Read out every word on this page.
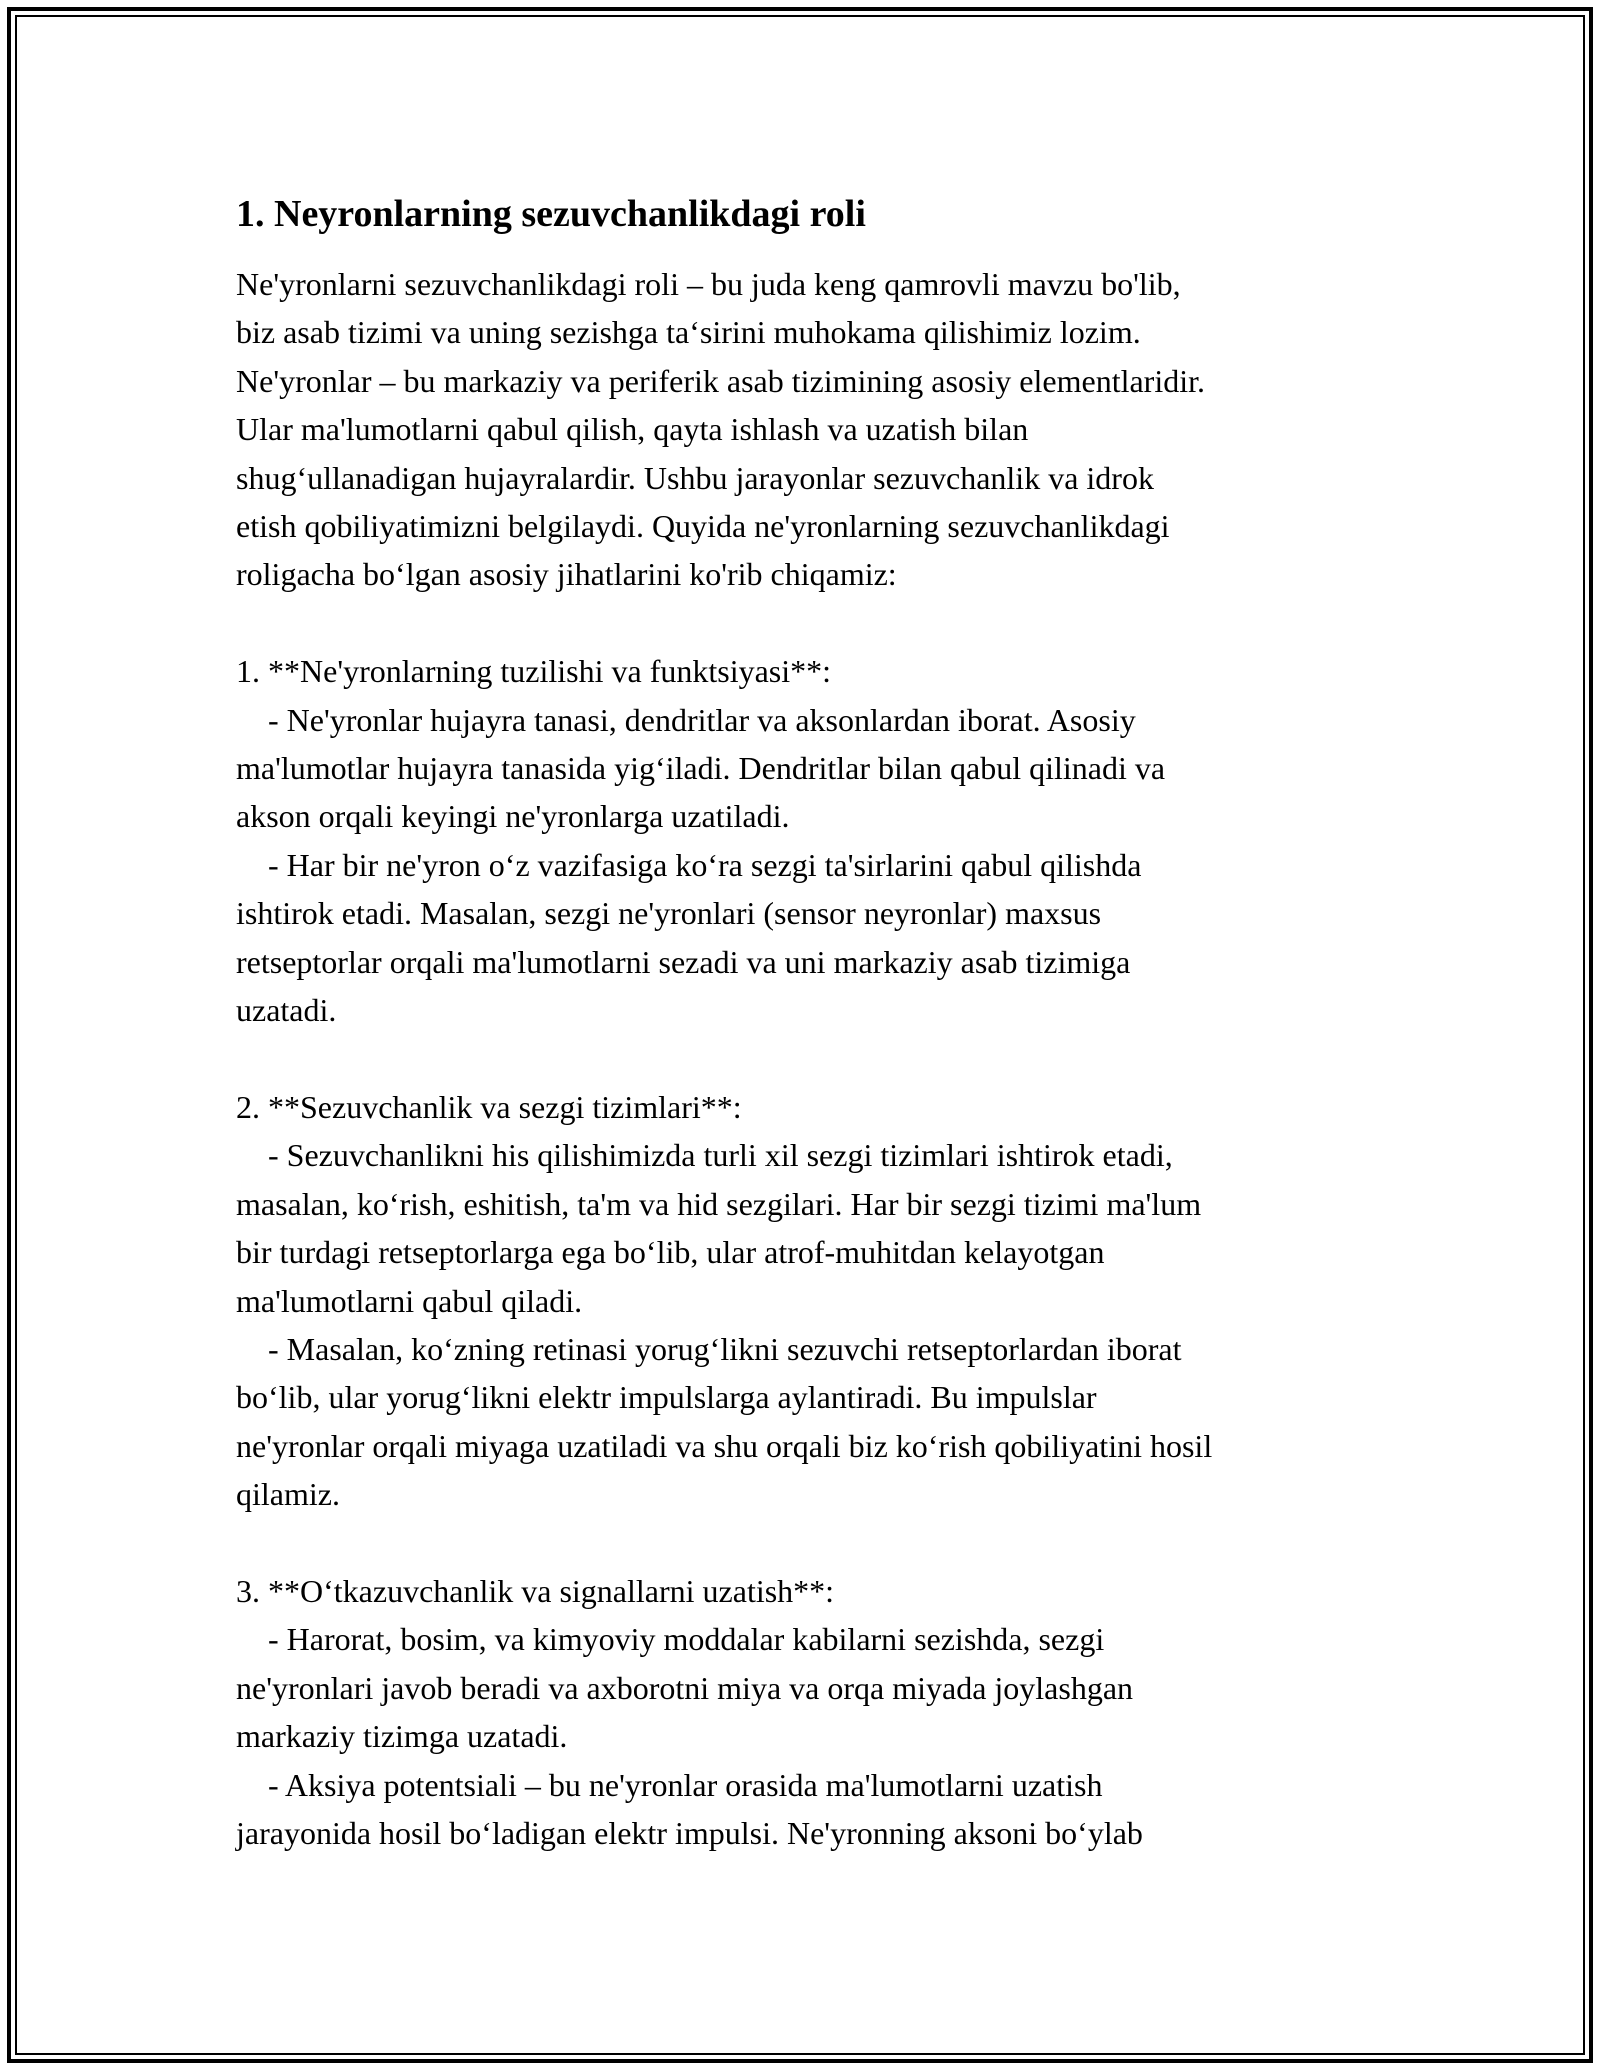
1. Neyronlarning sezuvchanlikdagi roli
Ne'yronlarni sezuvchanlikdagi roli – bu juda keng qamrovli mavzu bo'lib,
biz asab tizimi va uning sezishga ta‘sirini muhokama qilishimiz lozim.
Ne'yronlar – bu markaziy va periferik asab tizimining asosiy elementlaridir.
Ular ma'lumotlarni qabul qilish, qayta ishlash va uzatish bilan
shug‘ullanadigan hujayralardir. Ushbu jarayonlar sezuvchanlik va idrok
etish qobiliyatimizni belgilaydi. Quyida ne'yronlarning sezuvchanlikdagi
roligacha bo‘lgan asosiy jihatlarini ko'rib chiqamiz:
1. **Ne'yronlarning tuzilishi va funktsiyasi**:
- Ne'yronlar hujayra tanasi, dendritlar va aksonlardan iborat. Asosiy
ma'lumotlar hujayra tanasida yig‘iladi. Dendritlar bilan qabul qilinadi va
akson orqali keyingi ne'yronlarga uzatiladi.
- Har bir ne'yron o‘z vazifasiga ko‘ra sezgi ta'sirlarini qabul qilishda
ishtirok etadi. Masalan, sezgi ne'yronlari (sensor neyronlar) maxsus
retseptorlar orqali ma'lumotlarni sezadi va uni markaziy asab tizimiga
uzatadi.
2. **Sezuvchanlik va sezgi tizimlari**:
- Sezuvchanlikni his qilishimizda turli xil sezgi tizimlari ishtirok etadi,
masalan, ko‘rish, eshitish, ta'm va hid sezgilari. Har bir sezgi tizimi ma'lum
bir turdagi retseptorlarga ega bo‘lib, ular atrof-muhitdan kelayotgan
ma'lumotlarni qabul qiladi.
- Masalan, ko‘zning retinasi yorug‘likni sezuvchi retseptorlardan iborat
bo‘lib, ular yorug‘likni elektr impulslarga aylantiradi. Bu impulslar
ne'yronlar orqali miyaga uzatiladi va shu orqali biz ko‘rish qobiliyatini hosil
qilamiz.
3. **O‘tkazuvchanlik va signallarni uzatish**:
- Harorat, bosim, va kimyoviy moddalar kabilarni sezishda, sezgi
ne'yronlari javob beradi va axborotni miya va orqa miyada joylashgan
markaziy tizimga uzatadi.
- Aksiya potentsiali – bu ne'yronlar orasida ma'lumotlarni uzatish
jarayonida hosil bo‘ladigan elektr impulsi. Ne'yronning aksoni bo‘ylab
